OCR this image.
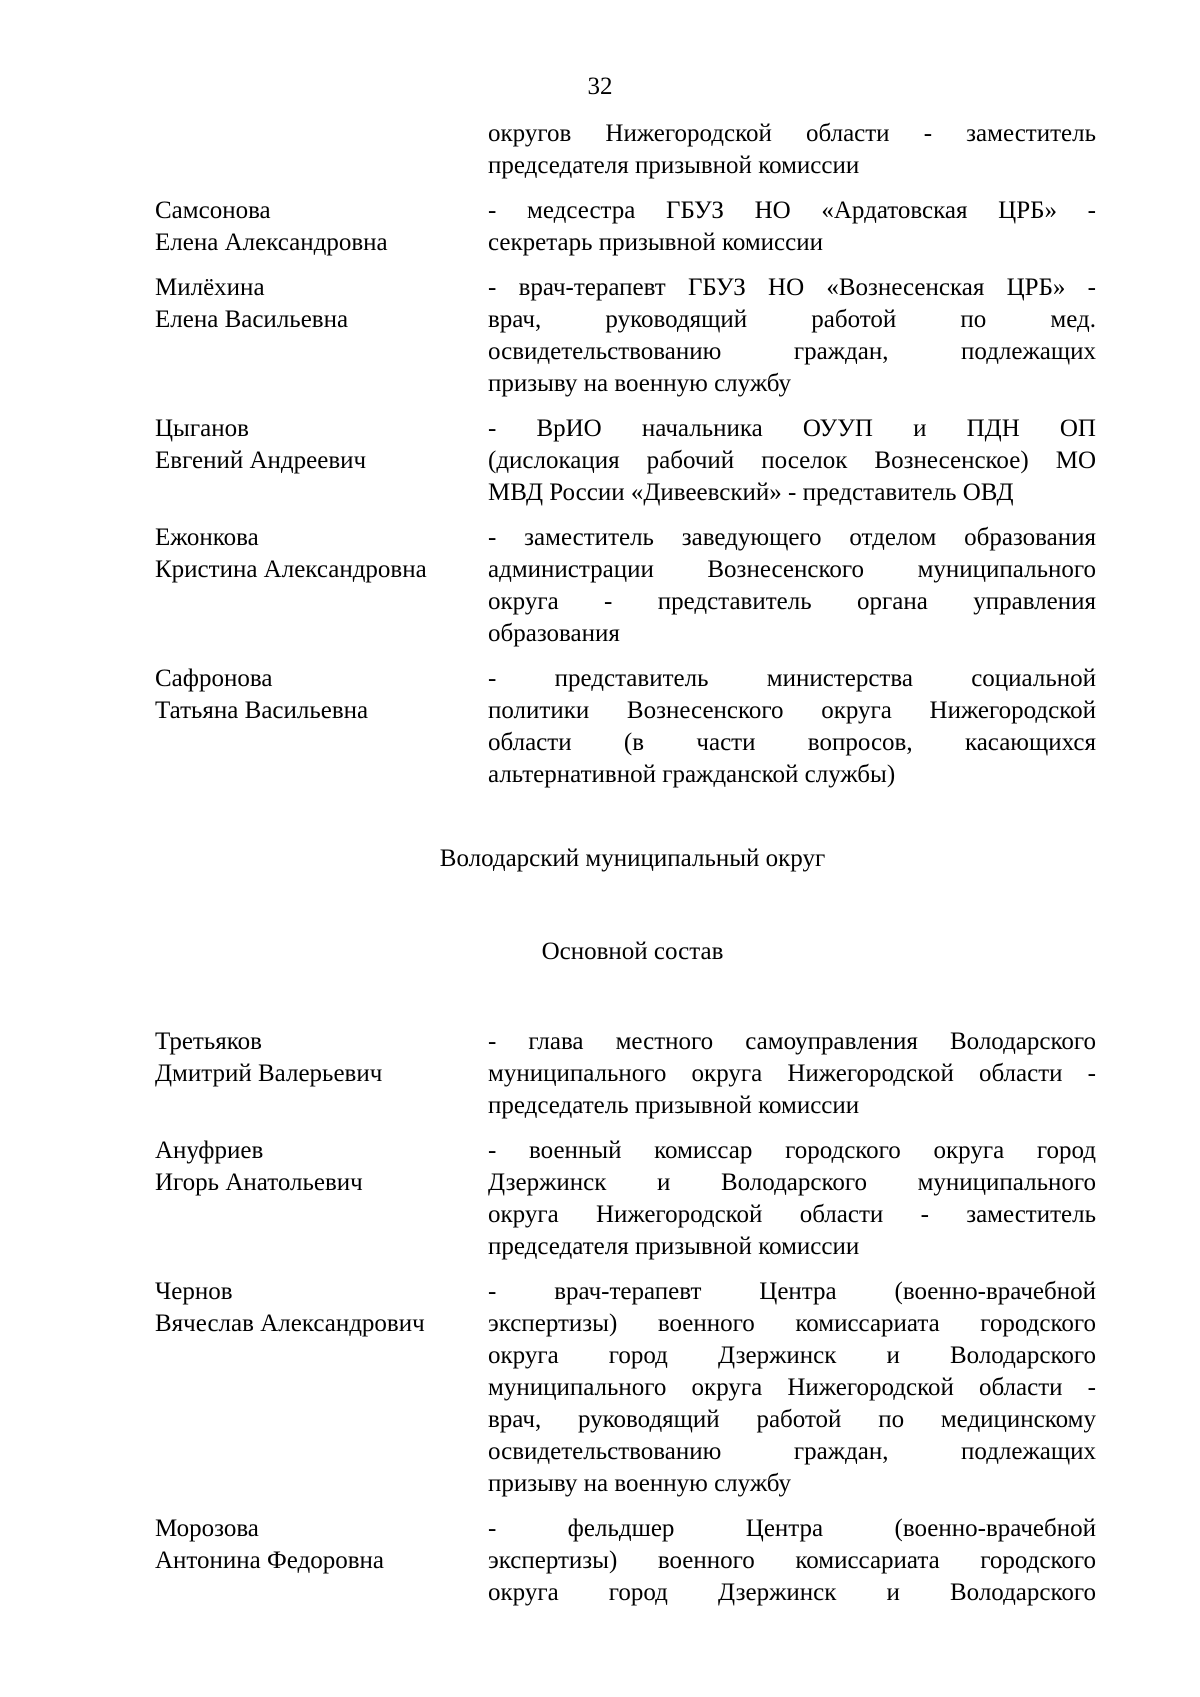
32
округов Нижегородской области - заместитель
председателя призывной комиссии
Самсонова
Елена Александровна
- медсестра ГБУЗ НО «Ардатовская ЦРБ» -
секретарь призывной комиссии
Милёхина
Елена Васильевна
- врач-терапевт ГБУЗ НО «Вознесенская ЦРБ» -
врач, руководящий работой по мед.
освидетельствованию граждан, подлежащих
призыву на военную службу
Цыганов
Евгений Андреевич
- ВрИО начальника ОУУП и ПДН ОП
(дислокация рабочий поселок Вознесенское) МО
МВД России «Дивеевский» - представитель ОВД
Ежонкова
Кристина Александровна
- заместитель заведующего отделом образования
администрации Вознесенского муниципального
округа - представитель органа управления
образования
Сафронова
Татьяна Васильевна
- представитель министерства социальной
политики Вознесенского округа Нижегородской
области (в части вопросов, касающихся
альтернативной гражданской службы)
Володарский муниципальный округ
Основной состав
Третьяков
Дмитрий Валерьевич
- глава местного самоуправления Володарского
муниципального округа Нижегородской области -
председатель призывной комиссии
Ануфриев
Игорь Анатольевич
- военный комиссар городского округа город
Дзержинск и Володарского муниципального
округа Нижегородской области - заместитель
председателя призывной комиссии
Чернов
Вячеслав Александрович
- врач-терапевт Центра (военно-врачебной
экспертизы) военного комиссариата городского
округа город Дзержинск и Володарского
муниципального округа Нижегородской области -
врач, руководящий работой по медицинскому
освидетельствованию граждан, подлежащих
призыву на военную службу
Морозова
Антонина Федоровна
- фельдшер Центра (военно-врачебной
экспертизы) военного комиссариата городского
округа город Дзержинск и Володарского
